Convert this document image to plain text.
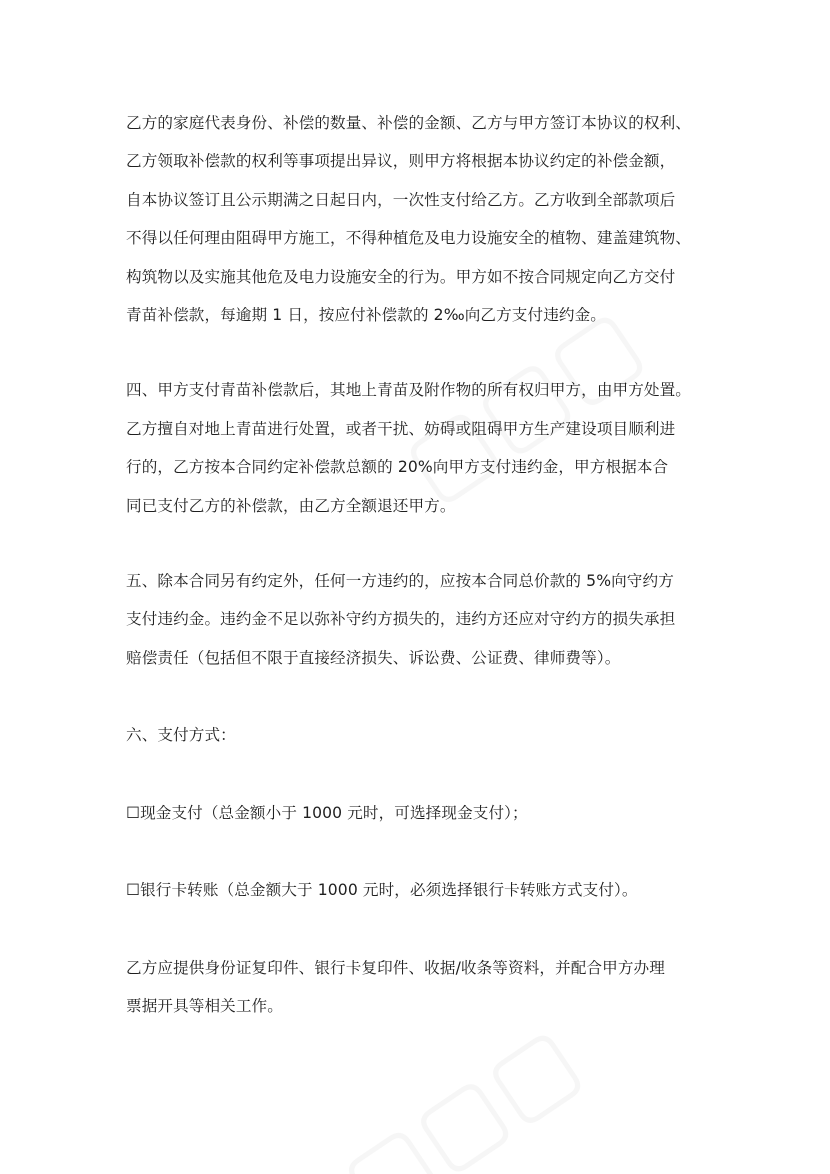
乙方的家庭代表身份、补偿的数量、补偿的金额、乙方与甲方签订本协议的权利、
乙方领取补偿款的权利等事项提出异议，则甲方将根据本协议约定的补偿金额，
自本协议签订且公示期满之日起日内，一次性支付给乙方。乙方收到全部款项后
不得以任何理由阻碍甲方施工，不得种植危及电力设施安全的植物、建盖建筑物、
构筑物以及实施其他危及电力设施安全的行为。甲方如不按合同规定向乙方交付
青苗补偿款，每逾期 1 日，按应付补偿款的 2‰向乙方支付违约金。
四、甲方支付青苗补偿款后，其地上青苗及附作物的所有权归甲方，由甲方处置。
乙方擅自对地上青苗进行处置，或者干扰、妨碍或阻碍甲方生产建设项目顺利进
行的，乙方按本合同约定补偿款总额的 20%向甲方支付违约金，甲方根据本合
同已支付乙方的补偿款，由乙方全额退还甲方。
五、除本合同另有约定外，任何一方违约的，应按本合同总价款的 5%向守约方
支付违约金。违约金不足以弥补守约方损失的，违约方还应对守约方的损失承担
赔偿责任（包括但不限于直接经济损失、诉讼费、公证费、律师费等）。
六、支付方式：
☐现金支付（总金额小于 1000 元时，可选择现金支付）；
☐银行卡转账（总金额大于 1000 元时，必须选择银行卡转账方式支付）。
乙方应提供身份证复印件、银行卡复印件、收据/收条等资料，并配合甲方办理
票据开具等相关工作。
